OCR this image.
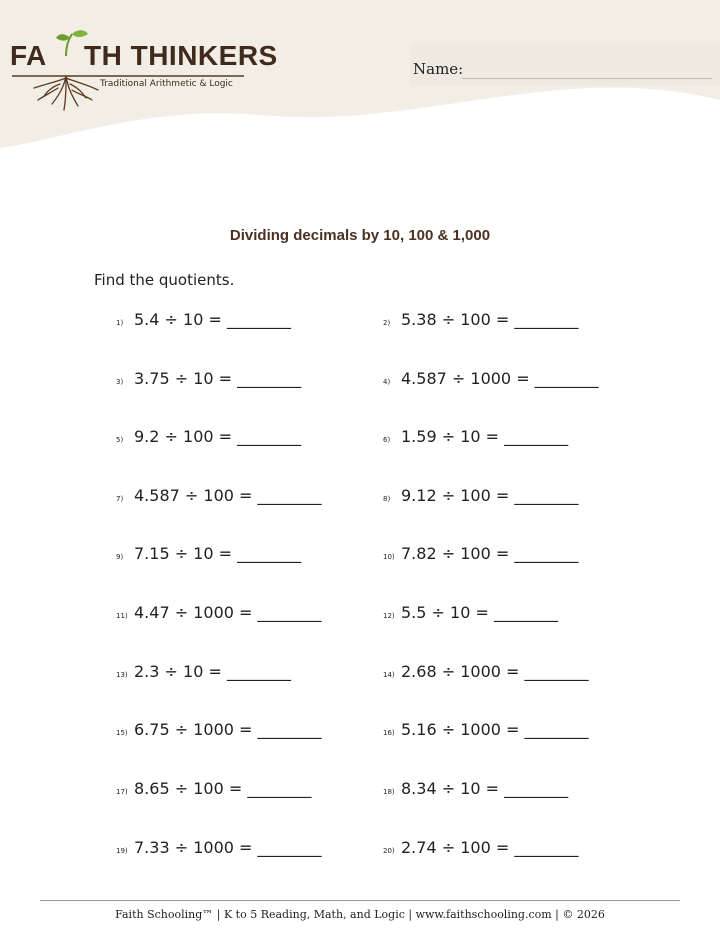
FA TH THINKERS
Traditional Arithmetic & Logic
Name:
Dividing decimals by 10, 100 & 1,000
Find the quotients.
1) 5.4 ÷ 10 = ________	2) 5.38 ÷ 100 = ________
3) 3.75 ÷ 10 = ________	4) 4.587 ÷ 1000 = ________
5) 9.2 ÷ 100 = ________	6) 1.59 ÷ 10 = ________
7) 4.587 ÷ 100 = ________	8) 9.12 ÷ 100 = ________
9) 7.15 ÷ 10 = ________	10) 7.82 ÷ 100 = ________
11) 4.47 ÷ 1000 = ________	12) 5.5 ÷ 10 = ________
13) 2.3 ÷ 10 = ________	14) 2.68 ÷ 1000 = ________
15) 6.75 ÷ 1000 = ________	16) 5.16 ÷ 1000 = ________
17) 8.65 ÷ 100 = ________	18) 8.34 ÷ 10 = ________
19) 7.33 ÷ 1000 = ________	20) 2.74 ÷ 100 = ________
Faith Schooling™ | K to 5 Reading, Math, and Logic | www.faithschooling.com | © 2026
